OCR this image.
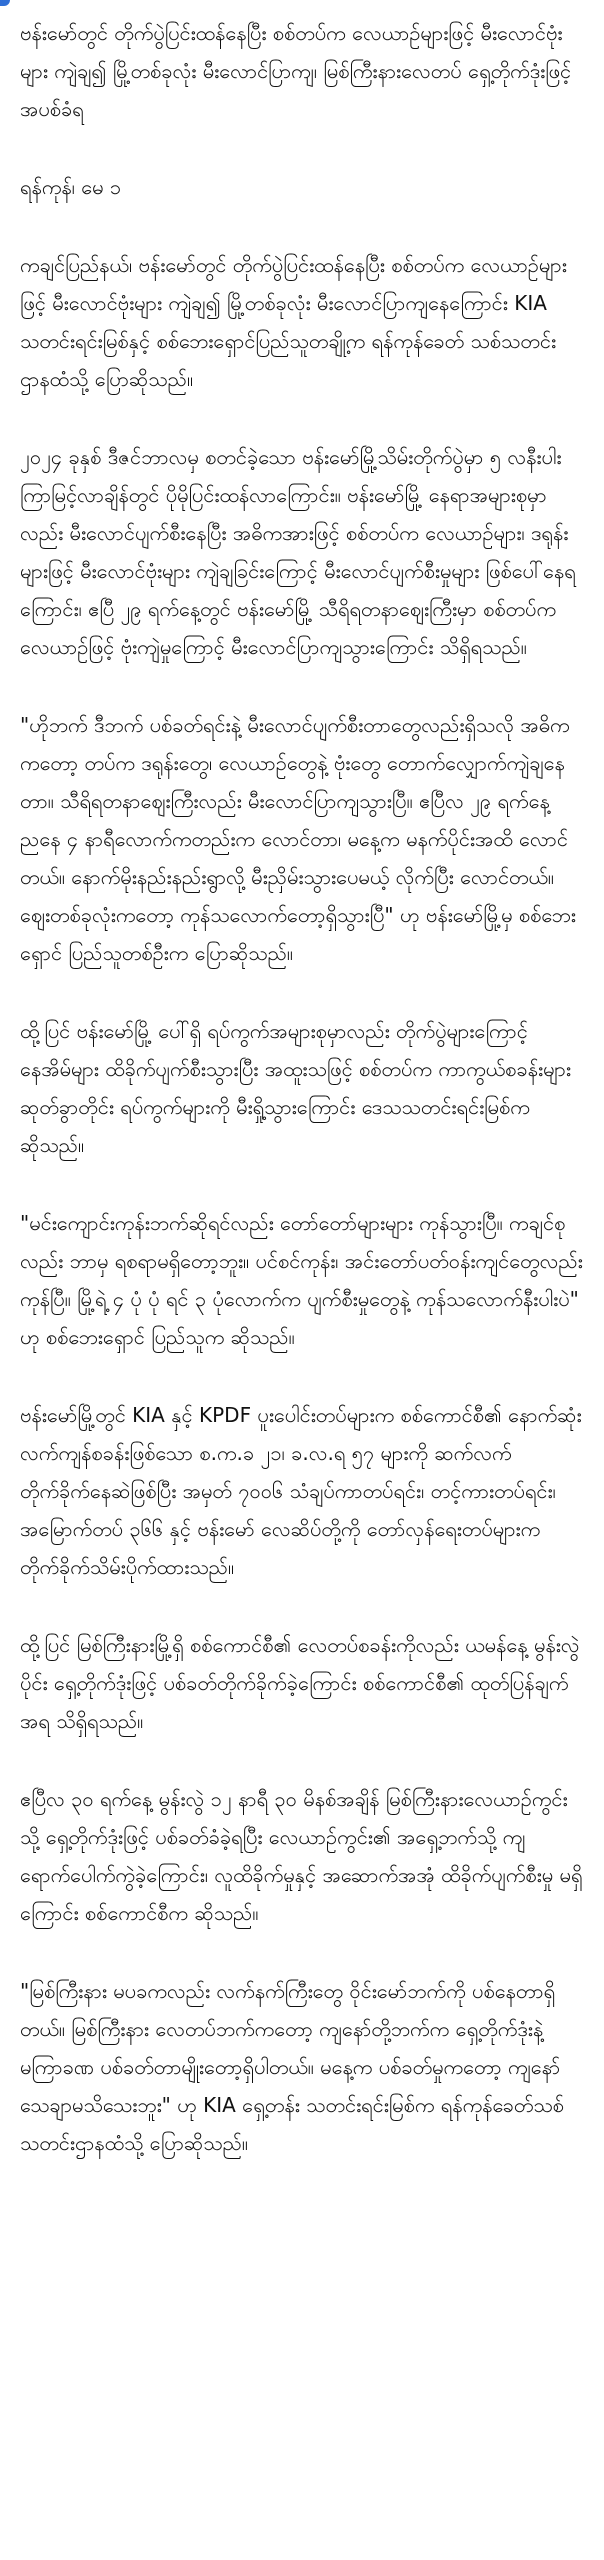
ဗန်းမော်တွင် တိုက်ပွဲပြင်းထန်နေပြီး စစ်တပ်က လေယာဉ်များဖြင့် မီးလောင်ဗုံးများ ကျဲချ၍ မြို့တစ်ခုလုံး မီးလောင်ပြာကျ၊ မြစ်ကြီးနားလေတပ် ရှေ့တိုက်ဒုံးဖြင့် အပစ်ခံရ

ရန်ကုန်၊ မေ ၁

ကချင်ပြည်နယ်၊ ဗန်းမော်တွင် တိုက်ပွဲပြင်းထန်နေပြီး စစ်တပ်က လေယာဉ်များဖြင့် မီးလောင်ဗုံးများ ကျဲချ၍ မြို့တစ်ခုလုံး မီးလောင်ပြာကျနေကြောင်း KIA သတင်းရင်းမြစ်နှင့် စစ်ဘေးရှောင်ပြည်သူတချို့က ရန်ကုန်ခေတ် သစ်သတင်းဌာနထံသို့ ပြောဆိုသည်။

၂၀၂၄ ခုနှစ် ဒီဇင်ဘာလမှ စတင်ခဲ့သော ဗန်းမော်မြို့သိမ်းတိုက်ပွဲမှာ ၅ လနီးပါး ကြာမြင့်လာချိန်တွင် ပိုမိုပြင်းထန်လာကြောင်း။ ဗန်းမော်မြို့ နေရာအများစုမှာလည်း မီးလောင်ပျက်စီးနေပြီး အဓိကအားဖြင့် စစ်တပ်က လေယာဉ်များ၊ ဒရုန်းများဖြင့် မီးလောင်ဗုံးများ ကျဲချခြင်းကြောင့် မီးလောင်ပျက်စီးမှုများ ဖြစ်ပေါ်နေရကြောင်း၊ ဧပြီ ၂၉ ရက်နေ့တွင် ဗန်းမော်မြို့ သီရိရတနာဈေးကြီးမှာ စစ်တပ်က လေယာဉ်ဖြင့် ဗုံးကျဲမှုကြောင့် မီးလောင်ပြာကျသွားကြောင်း သိရှိရသည်။

"ဟိုဘက် ဒီဘက် ပစ်ခတ်ရင်းနဲ့ မီးလောင်ပျက်စီးတာတွေလည်းရှိသလို အဓိကကတော့ တပ်က ဒရုန်းတွေ၊ လေယာဉ်တွေနဲ့ ဗုံးတွေ တောက်လျှောက်ကျဲချနေတာ။ သီရိရတနာဈေးကြီးလည်း မီးလောင်ပြာကျသွားပြီ။ ဧပြီလ ၂၉ ရက်နေ့ညနေ ၄ နာရီလောက်ကတည်းက လောင်တာ၊ မနေ့က မနက်ပိုင်းအထိ လောင်တယ်။ နောက်မိုးနည်းနည်းရွာလို့ မီးညှိမ်းသွားပေမယ့် လိုက်ပြီး လောင်တယ်။ ဈေးတစ်ခုလုံးကတော့ ကုန်သလောက်တော့ရှိသွားပြီ" ဟု ဗန်းမော်မြို့မှ စစ်ဘေးရှောင် ပြည်သူတစ်ဦးက ပြောဆိုသည်။

ထို့ပြင် ဗန်းမော်မြို့ ပေါ်ရှိ ရပ်ကွက်အများစုမှာလည်း တိုက်ပွဲများကြောင့် နေအိမ်များ ထိခိုက်ပျက်စီးသွားပြီး အထူးသဖြင့် စစ်တပ်က ကာကွယ်စခန်းများ ဆုတ်ခွာတိုင်း ရပ်ကွက်များကို မီးရှို့သွားကြောင်း ဒေသသတင်းရင်းမြစ်က ဆိုသည်။

"မင်းကျောင်းကုန်းဘက်ဆိုရင်လည်း တော်တော်များများ ကုန်သွားပြီ။ ကချင်စုလည်း ဘာမှ ရစရာမရှိတော့ဘူး။ ပင်စင်ကုန်း၊ အင်းတော်ပတ်ဝန်းကျင်တွေလည်း ကုန်ပြီ။ မြို့ရဲ့ ၄ ပုံ ပုံ ရင် ၃ ပုံလောက်က ပျက်စီးမှုတွေနဲ့ ကုန်သလောက်နီးပါးပဲ" ဟု စစ်ဘေးရှောင် ပြည်သူက ဆိုသည်။

ဗန်းမော်မြို့တွင် KIA နှင့် KPDF ပူးပေါင်းတပ်များက စစ်ကောင်စီ၏ နောက်ဆုံးလက်ကျန်စခန်းဖြစ်သော စ.က.ခ ၂၁၊ ခ.လ.ရ ၅၇ များကို ဆက်လက် တိုက်ခိုက်နေဆဲဖြစ်ပြီး အမှတ် ၇၀၀၆ သံချပ်ကာတပ်ရင်း၊ တင့်ကားတပ်ရင်း၊ အမြောက်တပ် ၃၆၆ နှင့် ဗန်းမော် လေဆိပ်တို့ကို တော်လှန်ရေးတပ်များက တိုက်ခိုက်သိမ်းပိုက်ထားသည်။

ထို့ပြင် မြစ်ကြီးနားမြို့ရှိ စစ်ကောင်စီ၏ လေတပ်စခန်းကိုလည်း ယမန်နေ့ မွန်းလွဲပိုင်း ရှေ့တိုက်ဒုံးဖြင့် ပစ်ခတ်တိုက်ခိုက်ခဲ့ကြောင်း စစ်ကောင်စီ၏ ထုတ်ပြန်ချက်အရ သိရှိရသည်။

ဧပြီလ ၃၀ ရက်နေ့ မွန်းလွဲ ၁၂ နာရီ ၃၀ မိနစ်အချိန် မြစ်ကြီးနားလေယာဉ်ကွင်းသို့ ရှေ့တိုက်ဒုံးဖြင့် ပစ်ခတ်ခံခဲ့ရပြီး လေယာဉ်ကွင်း၏ အရှေ့ဘက်သို့ ကျရောက်ပေါက်ကွဲခဲ့ကြောင်း၊ လူထိခိုက်မှုနှင့် အဆောက်အအုံ ထိခိုက်ပျက်စီးမှု မရှိကြောင်း စစ်ကောင်စီက ဆိုသည်။

"မြစ်ကြီးနား မပခကလည်း လက်နက်ကြီးတွေ ဝိုင်းမော်ဘက်ကို ပစ်နေတာရှိတယ်။ မြစ်ကြီးနား လေတပ်ဘက်ကတော့ ကျနော်တို့ဘက်က ရှေ့တိုက်ဒုံးနဲ့ မကြာခဏ ပစ်ခတ်တာမျိုးတော့ရှိပါတယ်။ မနေ့က ပစ်ခတ်မှုကတော့ ကျနော်သေချာမသိသေးဘူး" ဟု KIA ရှေ့တန်း သတင်းရင်းမြစ်က ရန်ကုန်ခေတ်သစ်သတင်းဌာနထံသို့ ပြောဆိုသည်။
